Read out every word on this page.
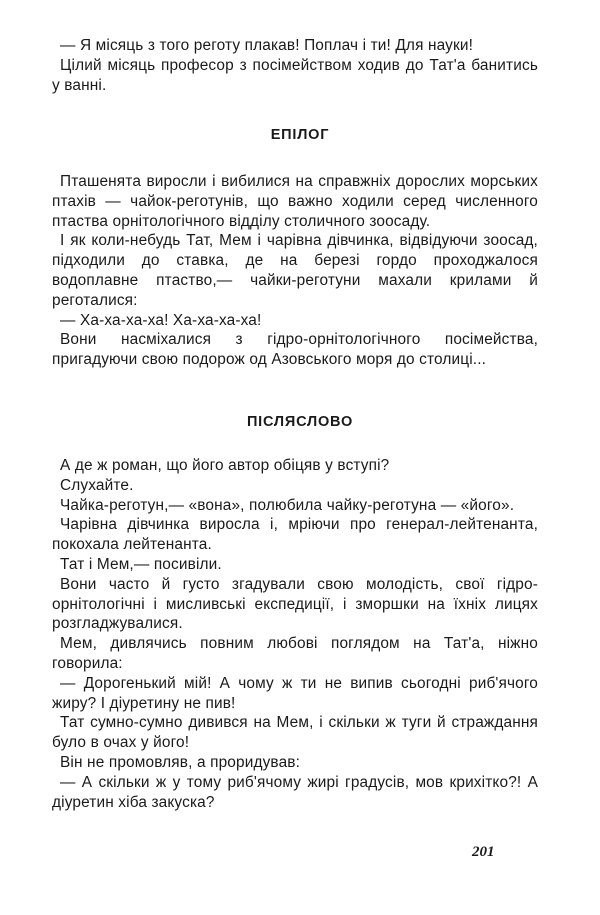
— Я місяць з того реготу плакав! Поплач і ти! Для науки!

Цілий місяць професор з посімейством ходив до Тат'а банитись у ванні.

ЕПІЛОГ

Пташенята виросли і вибилися на справжніх дорослих морських птахів — чайок-реготунів, що важно ходили серед численного птаства орнітологічного відділу столичного зоосаду.

І як коли-небудь Тат, Мем і чарівна дівчинка, відвідуючи зоосад, підходили до ставка, де на березі гордо проходжалося водоплавне птаство,— чайки-реготуни махали крилами й реготалися:

— Ха-ха-ха-ха! Ха-ха-ха-ха!

Вони насміхалися з гідро-орнітологічного посімейства, пригадуючи свою подорож од Азовського моря до столиці...

ПІСЛЯСЛОВО

А де ж роман, що його автор обіцяв у вступі?

Слухайте.

Чайка-реготун,— «вона», полюбила чайку-реготуна — «його».

Чарівна дівчинка виросла і, мріючи про генерал-лейтенанта, покохала лейтенанта.

Тат і Мем,— посивіли.

Вони часто й густо згадували свою молодість, свої гідро-орнітологічні і мисливські експедиції, і зморшки на їхніх лицях розгладжувалися.

Мем, дивлячись повним любові поглядом на Тат'а, ніжно говорила:

— Дорогенький мій! А чому ж ти не випив сьогодні риб'ячого жиру? І діуретину не пив!

Тат сумно-сумно дивився на Мем, і скільки ж туги й страждання було в очах у його!

Він не промовляв, а проридував:

— А скільки ж у тому риб'ячому жирі градусів, мов крихітко?! А діуретин хіба закуска?

201
